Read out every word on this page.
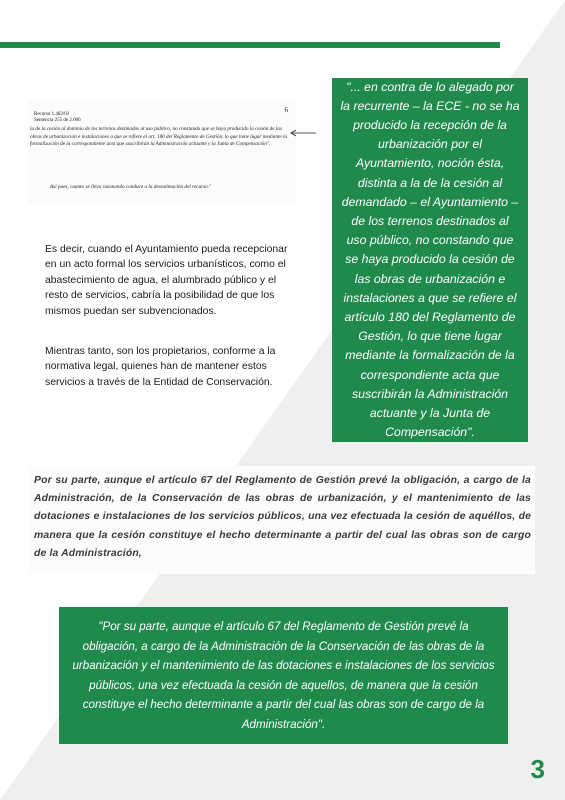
Recurso 1.482/03
Sentencia 255 de 2.006
6
la de la cesión al dominio de los terrenos destinados al uso público, no constando que se haya producido la cesión de las obras de urbanización e instalaciones a que se refiere el art. 180 del Reglamento de Gestión, lo que tiene lugar mediante la formalización de la correspondiente acta que suscribirán la Administración actuante y la Junta de Compensación".
Así pues, cuanto se lleva razonando conduce a la desestimación del recurso."
Es decir, cuando el Ayuntamiento pueda recepcionar en un acto formal los servicios urbanísticos, como el abastecimiento de agua, el alumbrado público y el resto de servicios, cabría la posibilidad de que los mismos puedan ser subvencionados.
Mientras tanto, son los propietarios, conforme a la normativa legal, quienes han de mantener estos servicios a través de la Entidad de Conservación.

"... en contra de lo alegado por la recurrente – la ECE - no se ha producido la recepción de la urbanización por el Ayuntamiento, noción ésta, distinta a la de la cesión al demandado – el Ayuntamiento – de los terrenos destinados al uso público, no constando que se haya producido la cesión de las obras de urbanización e instalaciones a que se refiere el artículo 180 del Reglamento de Gestión, lo que tiene lugar mediante la formalización de la correspondiente acta que suscribirán la Administración actuante y la Junta de Compensación".

Por su parte, aunque el artículo 67 del Reglamento de Gestión prevé la obligación, a cargo de la Administración, de la Conservación de las obras de urbanización, y el mantenimiento de las dotaciones e instalaciones de los servicios públicos, una vez efectuada la cesión de aquéllos, de manera que la cesión constituye el hecho determinante a partir del cual las obras son de cargo de la Administración,

"Por su parte, aunque el artículo 67 del Reglamento de Gestión prevé la obligación, a cargo de la Administración de la Conservación de las obras de la urbanización y el mantenimiento de las dotaciones e instalaciones de los servicios públicos, una vez efectuada la cesión de aquellos, de manera que la cesión constituye el hecho determinante a partir del cual las obras son de cargo de la Administración".

3
